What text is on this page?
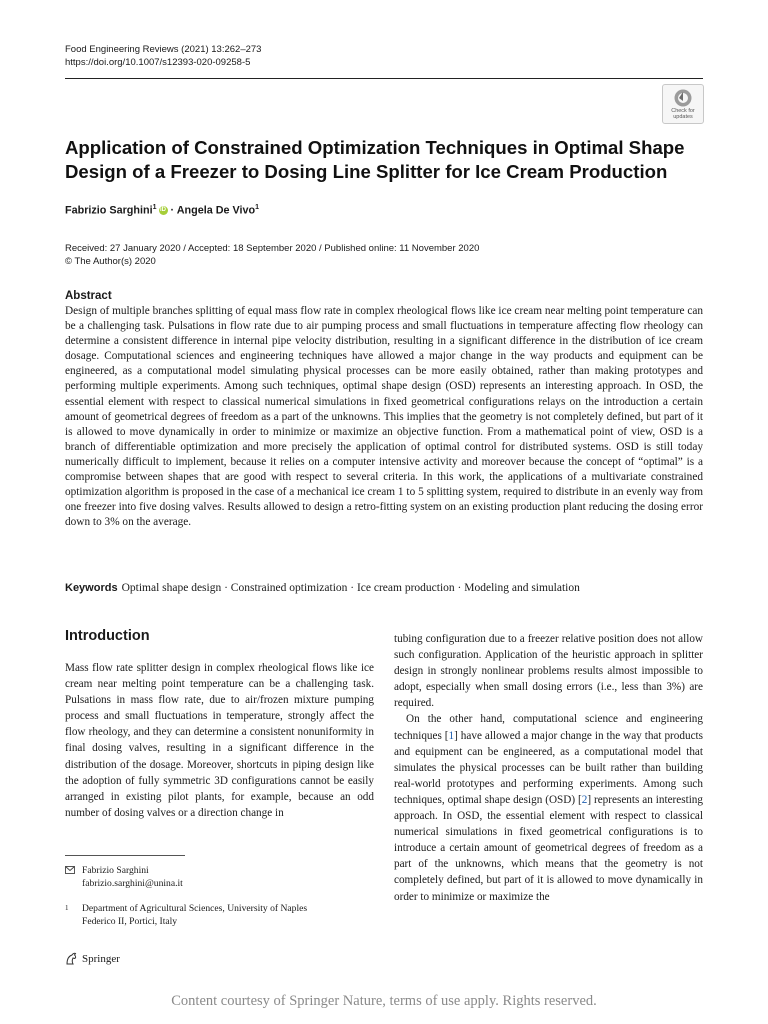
Food Engineering Reviews (2021) 13:262–273
https://doi.org/10.1007/s12393-020-09258-5
Check for
updates
Application of Constrained Optimization Techniques in Optimal Shape Design of a Freezer to Dosing Line Splitter for Ice Cream Production
Fabrizio Sarghini$^1$ iD · Angela De Vivo$^1$
Received: 27 January 2020 / Accepted: 18 September 2020 / Published online: 11 November 2020
© The Author(s) 2020
Abstract
Design of multiple branches splitting of equal mass flow rate in complex rheological flows like ice cream near melting point temperature can be a challenging task. Pulsations in flow rate due to air pumping process and small fluctuations in temperature affecting flow rheology can determine a consistent difference in internal pipe velocity distribution, resulting in a significant difference in the distribution of ice cream dosage. Computational sciences and engineering techniques have allowed a major change in the way products and equipment can be engineered, as a computational model simulating physical processes can be more easily obtained, rather than making prototypes and performing multiple experiments. Among such techniques, optimal shape design (OSD) represents an interesting approach. In OSD, the essential element with respect to classical numerical simulations in fixed geometrical configurations relays on the introduction a certain amount of geometrical degrees of freedom as a part of the unknowns. This implies that the geometry is not completely defined, but part of it is allowed to move dynamically in order to minimize or maximize an objective function. From a mathematical point of view, OSD is a branch of differentiable optimization and more precisely the application of optimal control for distributed systems. OSD is still today numerically difficult to implement, because it relies on a computer intensive activity and moreover because the concept of “optimal” is a compromise between shapes that are good with respect to several criteria. In this work, the applications of a multivariate constrained optimization algorithm is proposed in the case of a mechanical ice cream 1 to 5 splitting system, required to distribute in an evenly way from one freezer into five dosing valves. Results allowed to design a retro-fitting system on an existing production plant reducing the dosing error down to 3% on the average.
Keywords Optimal shape design · Constrained optimization · Ice cream production · Modeling and simulation
Introduction

Mass flow rate splitter design in complex rheological flows like ice cream near melting point temperature can be a challenging task. Pulsations in mass flow rate, due to air/frozen mixture pumping process and small fluctuations in temperature, strongly affect the flow rheology, and they can determine a consistent nonuniformity in final dosing valves, resulting in a significant difference in the distribution of the dosage. Moreover, shortcuts in piping design like the adoption of fully symmetric 3D configurations cannot be easily arranged in existing pilot plants, for example, because an odd number of dosing valves or a direction change in

tubing configuration due to a freezer relative position does not allow such configuration. Application of the heuristic approach in splitter design in strongly nonlinear problems results almost impossible to adopt, especially when small dosing errors (i.e., less than 3%) are required.

On the other hand, computational science and engineering techniques [1] have allowed a major change in the way that products and equipment can be engineered, as a computational model that simulates the physical processes can be built rather than building real-world prototypes and performing experiments. Among such techniques, optimal shape design (OSD) [2] represents an interesting approach. In OSD, the essential element with respect to classical numerical simulations in fixed geometrical configurations is to introduce a certain amount of geometrical degrees of freedom as a part of the unknowns, which means that the geometry is not completely defined, but part of it is allowed to move dynamically in order to minimize or maximize the

Fabrizio Sarghini
fabrizio.sarghini@unina.it
1 Department of Agricultural Sciences, University of Naples
Federico II, Portici, Italy
Springer
Content courtesy of Springer Nature, terms of use apply. Rights reserved.
